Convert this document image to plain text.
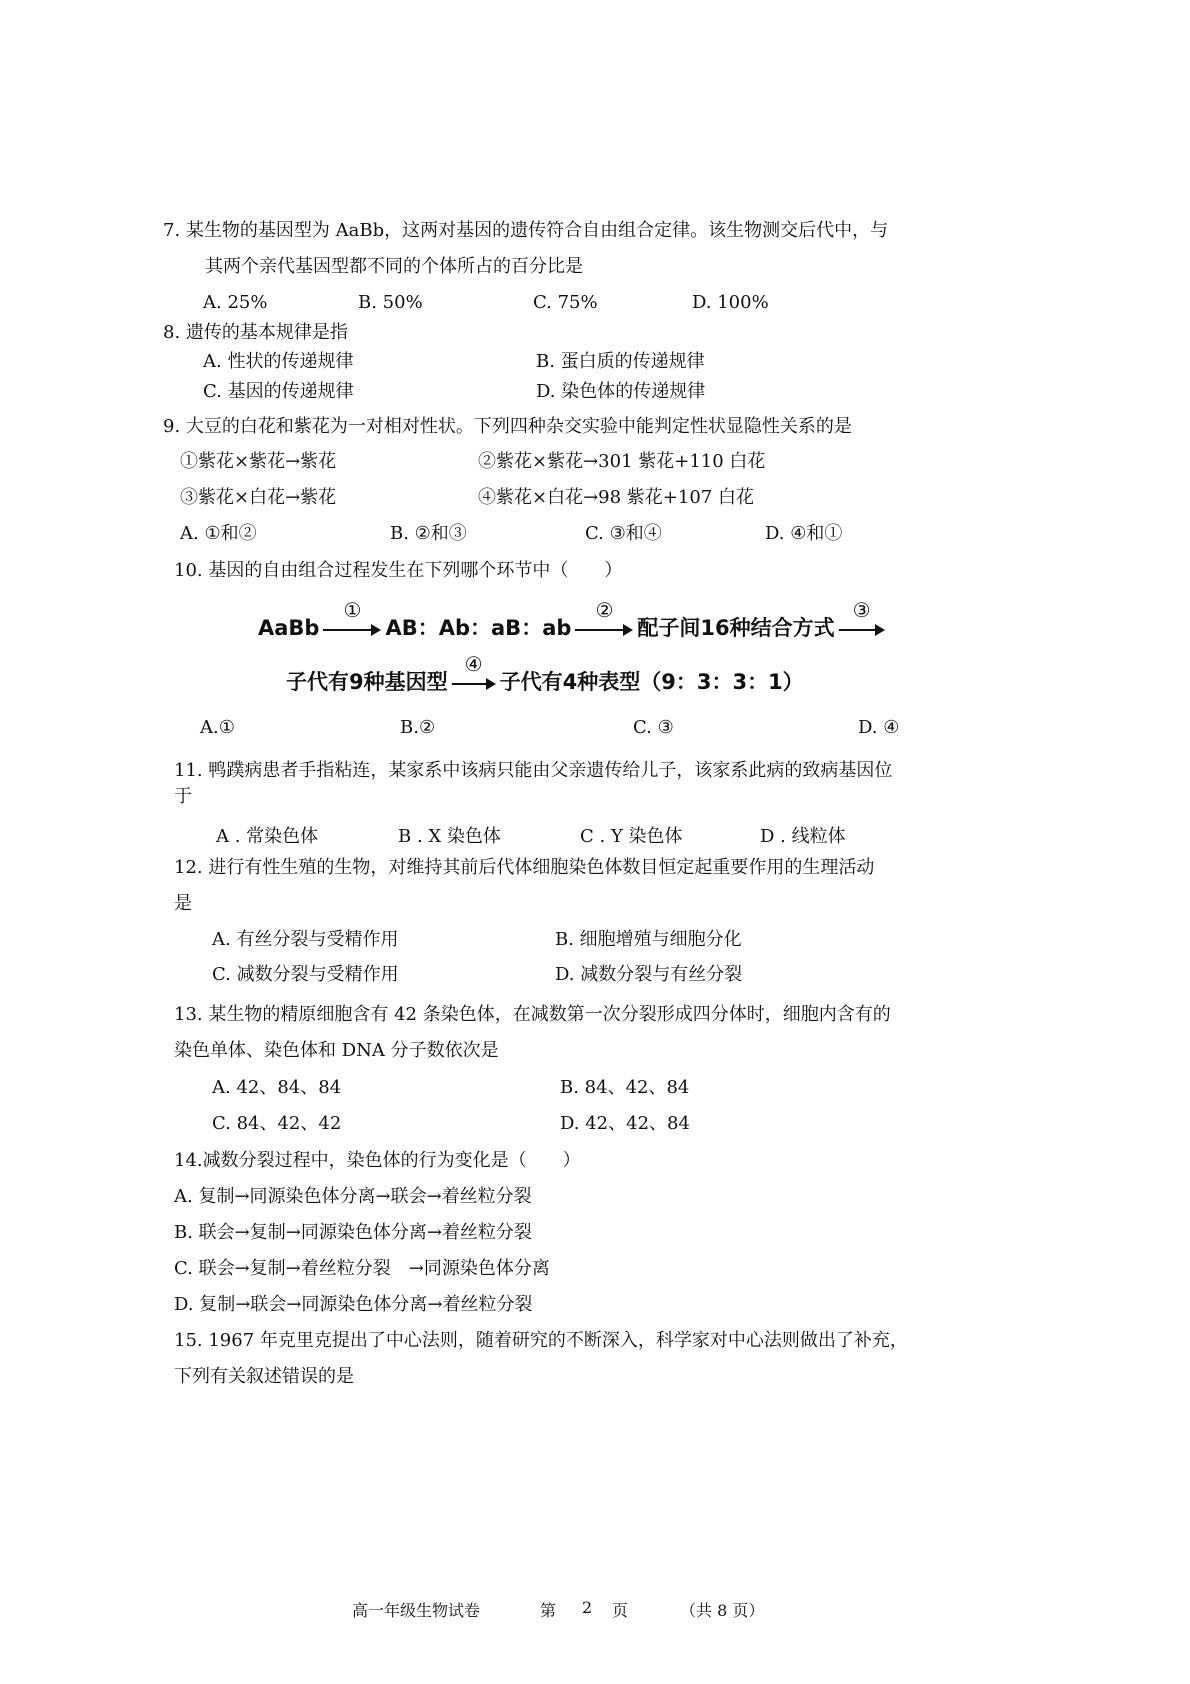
7. 某生物的基因型为 AaBb，这两对基因的遗传符合自由组合定律。该生物测交后代中，与
其两个亲代基因型都不同的个体所占的百分比是
A. 25%	B. 50%	C. 75%	D. 100%
8. 遗传的基本规律是指
A. 性状的传递规律	B. 蛋白质的传递规律
C. 基因的传递规律	D. 染色体的传递规律
9. 大豆的白花和紫花为一对相对性状。下列四种杂交实验中能判定性状显隐性关系的是
①紫花×紫花→紫花	②紫花×紫花→301 紫花+110 白花
③紫花×白花→紫花	④紫花×白花→98 紫花+107 白花
A. ①和②	B. ②和③	C. ③和④	D. ④和①
10. 基因的自由组合过程发生在下列哪个环节中（　　）
AaBb
①
AB：Ab：aB：ab
②
配子间16种结合方式
③
子代有9种基因型
④
子代有4种表型（9：3：3：1）
A.①	B.②	C. ③	D. ④
11. 鸭蹼病患者手指粘连，某家系中该病只能由父亲遗传给儿子，该家系此病的致病基因位
于
A . 常染色体	B . X 染色体	C . Y 染色体	D . 线粒体
12. 进行有性生殖的生物，对维持其前后代体细胞染色体数目恒定起重要作用的生理活动
是
A. 有丝分裂与受精作用	B. 细胞增殖与细胞分化
C. 减数分裂与受精作用	D. 减数分裂与有丝分裂
13. 某生物的精原细胞含有 42 条染色体，在减数第一次分裂形成四分体时，细胞内含有的
染色单体、染色体和 DNA 分子数依次是
A. 42、84、84	B. 84、42、84
C. 84、42、42	D. 42、42、84
14.减数分裂过程中，染色体的行为变化是（　　）
A. 复制→同源染色体分离→联会→着丝粒分裂
B. 联会→复制→同源染色体分离→着丝粒分裂
C. 联会→复制→着丝粒分裂　→同源染色体分离
D. 复制→联会→同源染色体分离→着丝粒分裂
15. 1967 年克里克提出了中心法则，随着研究的不断深入，科学家对中心法则做出了补充，
下列有关叙述错误的是
高一年级生物试卷	第 2 页	（共 8 页）
